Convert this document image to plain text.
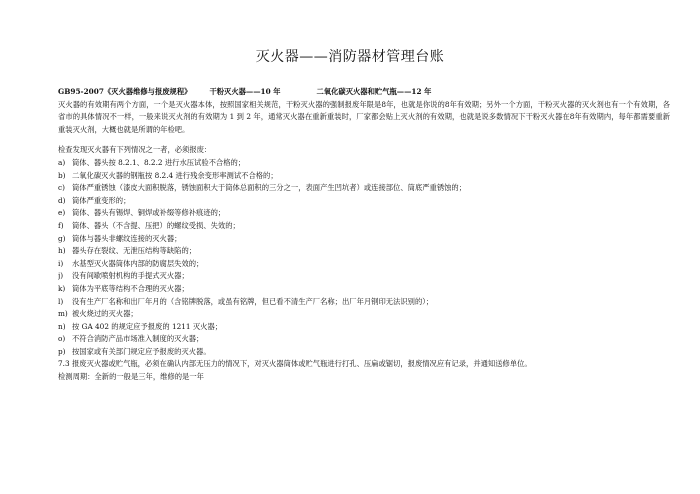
灭火器——消防器材管理台账
GB95-2007《灭火器维修与报废规程》 干粉灭火器——10 年	二氧化碳灭火器和贮气瓶——12 年
灭火器的有效期有两个方面，一个是灭火器本体，按照国家相关规范，干粉灭火器的强制报废年限是8年，也就是你说的8年有效期；另外一个方面，干粉灭火器的灭火剂也有一个有效期，各省市的具体情况不一样，一般来说灭火剂的有效期为 1 到 2 年，通常灭火器在重新重装时，厂家都会贴上灭火剂的有效期，也就是说多数情况下干粉灭火器在8年有效期内，每年都需要重新重装灭火剂，大概也就是所谓的年检吧。
检查发现灭火器有下列情况之一者，必须报废：
a) 筒体、器头按 8.2.1、8.2.2 进行水压试验不合格的；
b) 二氧化碳灭火器的钢瓶按 8.2.4 进行残余变形率测试不合格的；
c) 筒体严重锈蚀（漆皮大面积脱落，锈蚀面积大于筒体总面积的三分之一，表面产生凹坑者）或连接部位、筒底严重锈蚀的；
d) 筒体严重变形的；
e) 筒体、器头有锡焊、铜焊或补缀等修补痕迹的；
f) 筒体、器头（不含提、压把）的螺纹受损、失效的；
g) 筒体与器头非螺纹连接的灭火器；
h) 器头存在裂纹、无泄压结构等缺陷的；
i) 水基型灭火器筒体内部的防腐层失效的；
j) 没有间歇喷射机构的手提式灭火器；
k) 筒体为平底等结构不合理的灭火器；
l) 没有生产厂名称和出厂年月的（含铭牌脱落，或虽有铭牌，但已看不清生产厂名称；出厂年月钢印无法识别的）；
m) 被火烧过的灭火器；
n) 按 GA 402 的规定应予报废的 1211 灭火器；
o) 不符合消防产品市场准入制度的灭火器；
p) 按国家或有关部门规定应予报废的灭火器。
7.3 报废灭火器或贮气瓶，必须在确认内部无压力的情况下，对灭火器筒体或贮气瓶进行打孔、压扁或锯切，报废情况应有记录，并通知送修单位。
检测周期：全新的一般是三年，维修的是一年
